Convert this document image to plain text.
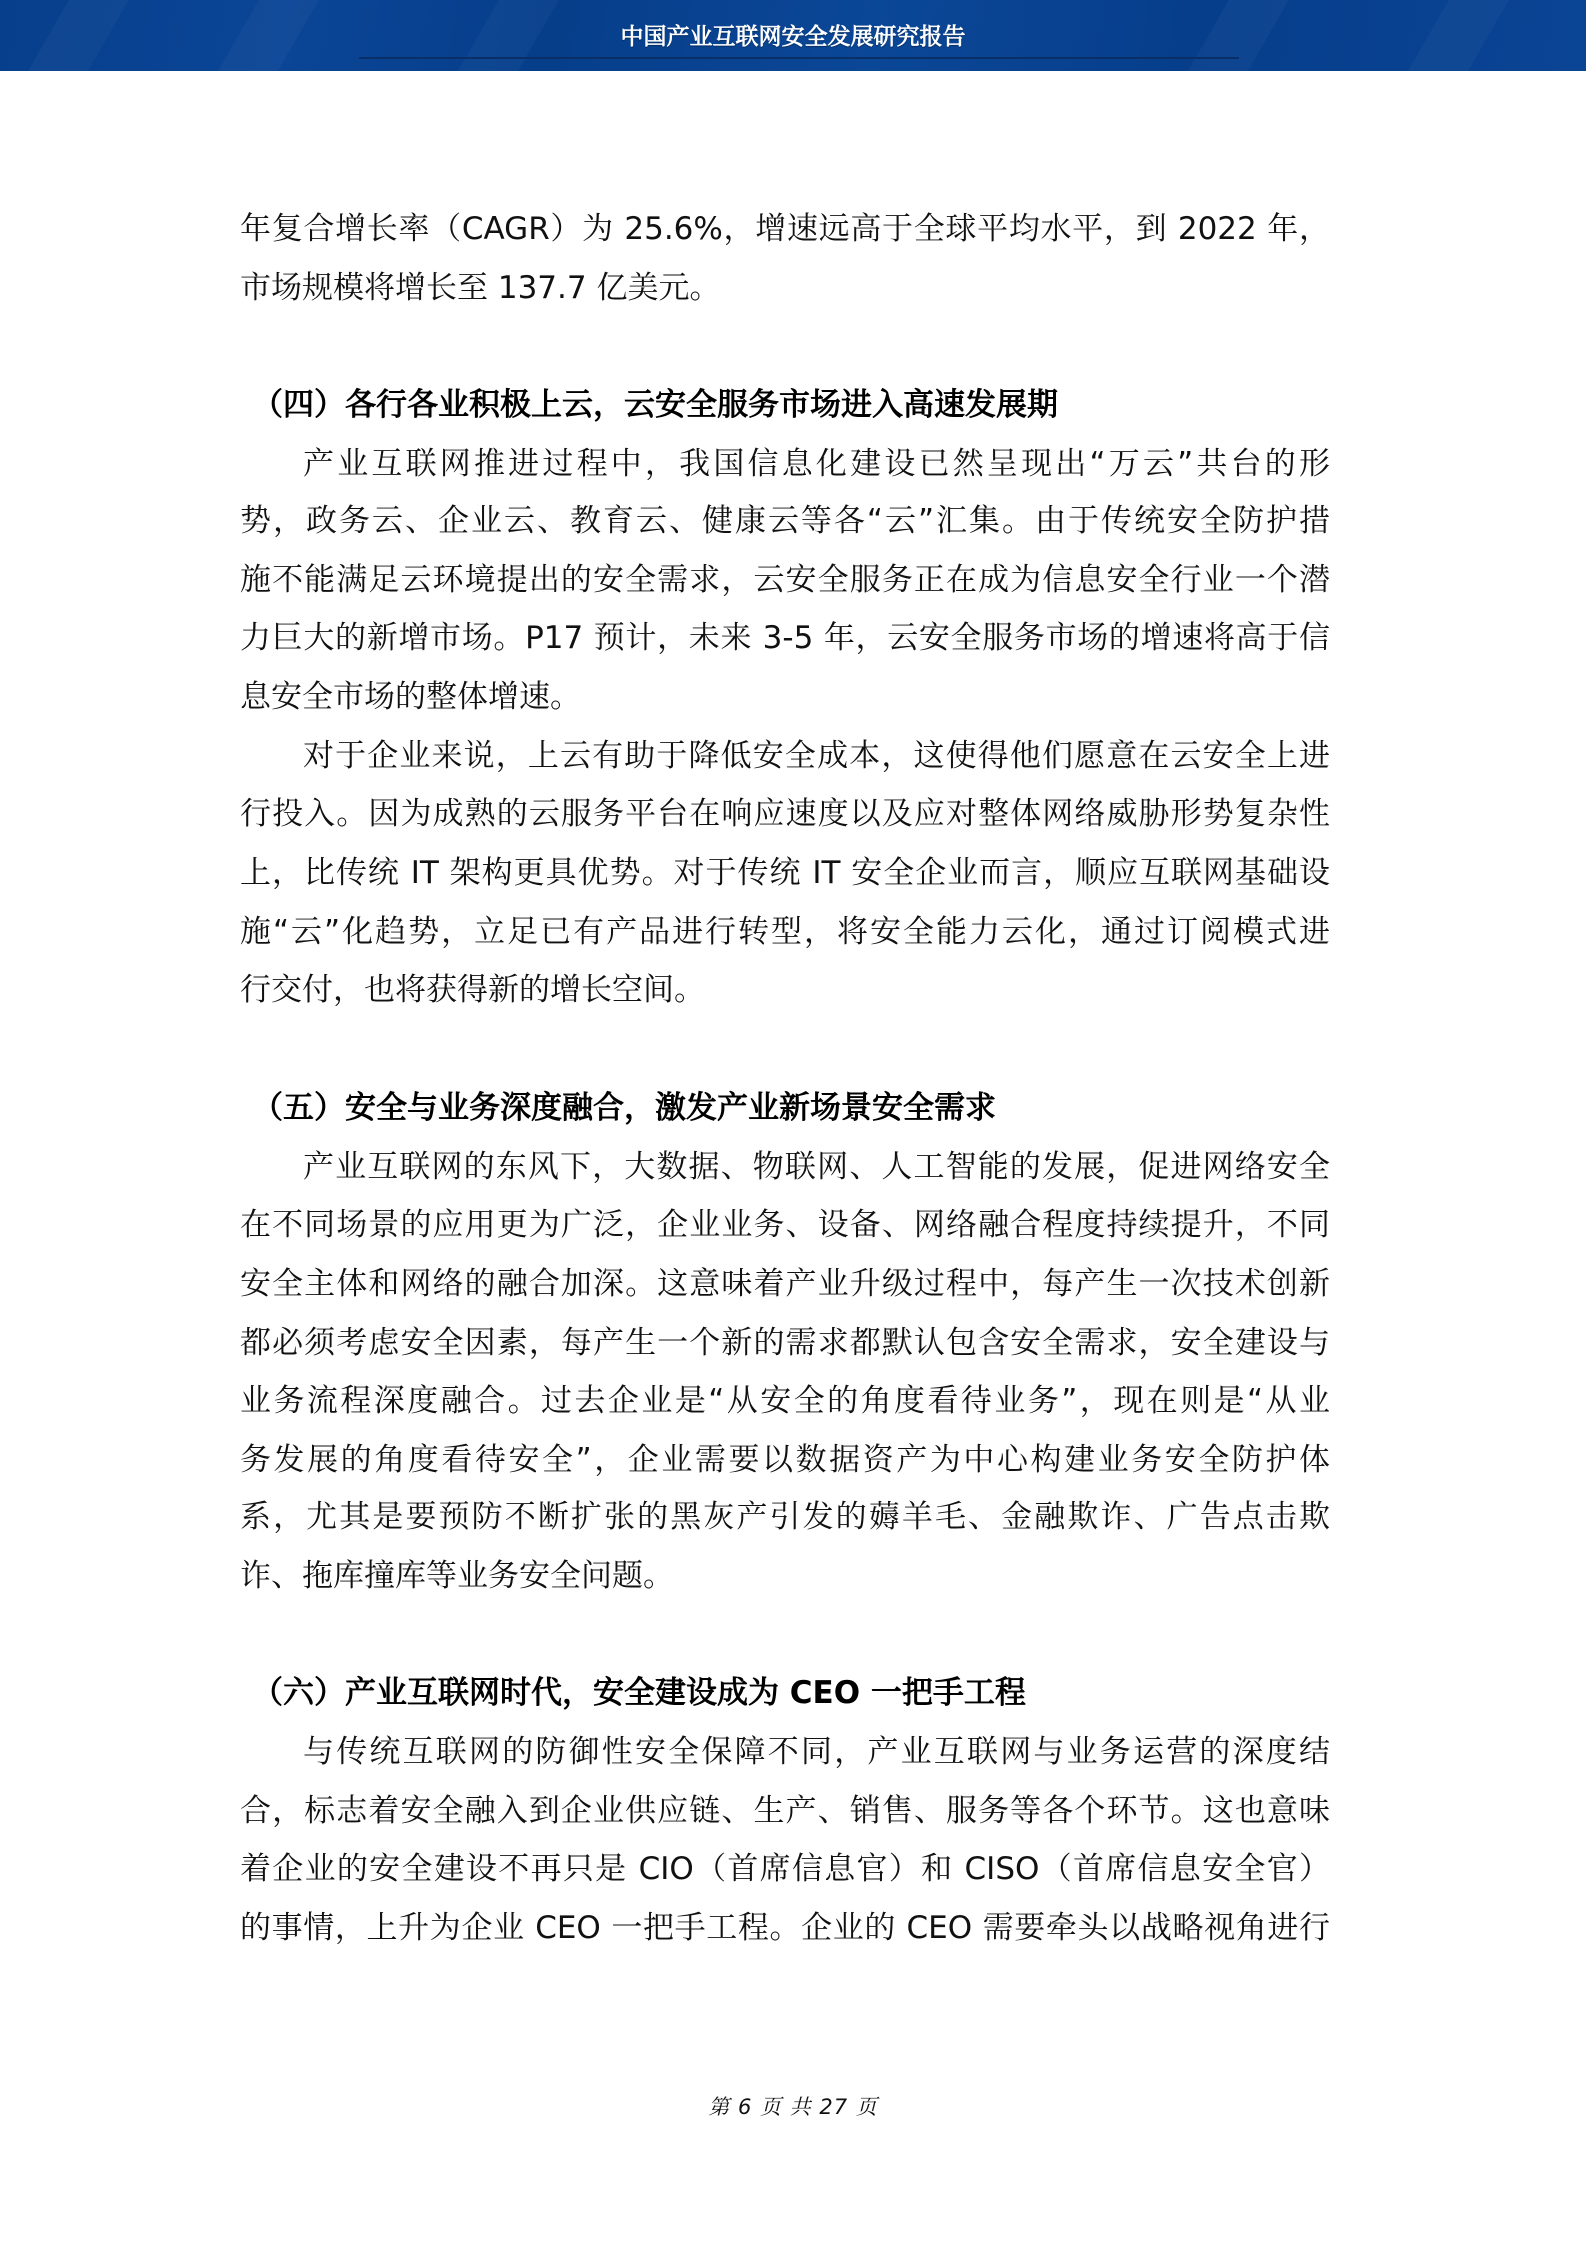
中国产业互联网安全发展研究报告
年复合增长率（CAGR）为 25.6%，增速远高于全球平均水平，到 2022 年，
市场规模将增长至 137.7 亿美元。
（四）各行各业积极上云，云安全服务市场进入高速发展期
产业互联网推进过程中，我国信息化建设已然呈现出“万云”共台的形
势，政务云、企业云、教育云、健康云等各“云”汇集。由于传统安全防护措
施不能满足云环境提出的安全需求，云安全服务正在成为信息安全行业一个潜
力巨大的新增市场。P17 预计，未来 3-5 年，云安全服务市场的增速将高于信
息安全市场的整体增速。
对于企业来说，上云有助于降低安全成本，这使得他们愿意在云安全上进
行投入。因为成熟的云服务平台在响应速度以及应对整体网络威胁形势复杂性
上，比传统 IT 架构更具优势。对于传统 IT 安全企业而言，顺应互联网基础设
施“云”化趋势，立足已有产品进行转型，将安全能力云化，通过订阅模式进
行交付，也将获得新的增长空间。
（五）安全与业务深度融合，激发产业新场景安全需求
产业互联网的东风下，大数据、物联网、人工智能的发展，促进网络安全
在不同场景的应用更为广泛，企业业务、设备、网络融合程度持续提升，不同
安全主体和网络的融合加深。这意味着产业升级过程中，每产生一次技术创新
都必须考虑安全因素，每产生一个新的需求都默认包含安全需求，安全建设与
业务流程深度融合。过去企业是“从安全的角度看待业务”，现在则是“从业
务发展的角度看待安全”，企业需要以数据资产为中心构建业务安全防护体
系，尤其是要预防不断扩张的黑灰产引发的薅羊毛、金融欺诈、广告点击欺
诈、拖库撞库等业务安全问题。
（六）产业互联网时代，安全建设成为 CEO 一把手工程
与传统互联网的防御性安全保障不同，产业互联网与业务运营的深度结
合，标志着安全融入到企业供应链、生产、销售、服务等各个环节。这也意味
着企业的安全建设不再只是 CIO（首席信息官）和 CISO（首席信息安全官）
的事情，上升为企业 CEO 一把手工程。企业的 CEO 需要牵头以战略视角进行
第 6 页 共 27 页
